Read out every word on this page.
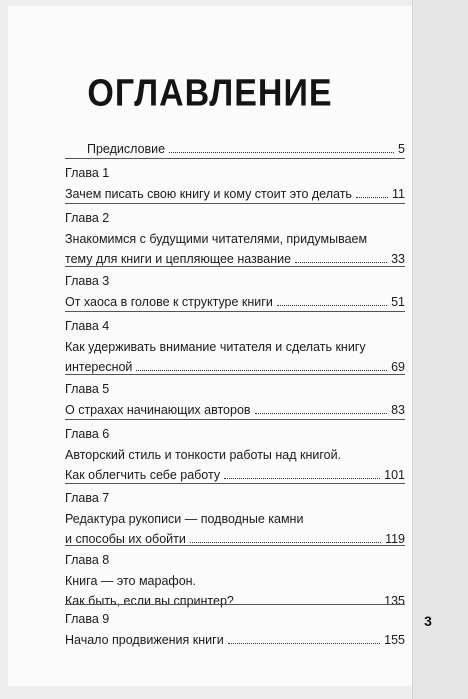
ОГЛАВЛЕНИЕ
Предисловие	5
Глава 1
Зачем писать свою книгу и кому стоит это делать	11
Глава 2
Знакомимся с будущими читателями, придумываем
тему для книги и цепляющее название	33
Глава 3
От хаоса в голове к структуре книги	51
Глава 4
Как удерживать внимание читателя и сделать книгу
интересной	69
Глава 5
О страхах начинающих авторов	83
Глава 6
Авторский стиль и тонкости работы над книгой.
Как облегчить себе работу	101
Глава 7
Редактура рукописи — подводные камни
и способы их обойти	119
Глава 8
Книга — это марафон.
Как быть, если вы спринтер?	135
Глава 9
Начало продвижения книги	155
3
